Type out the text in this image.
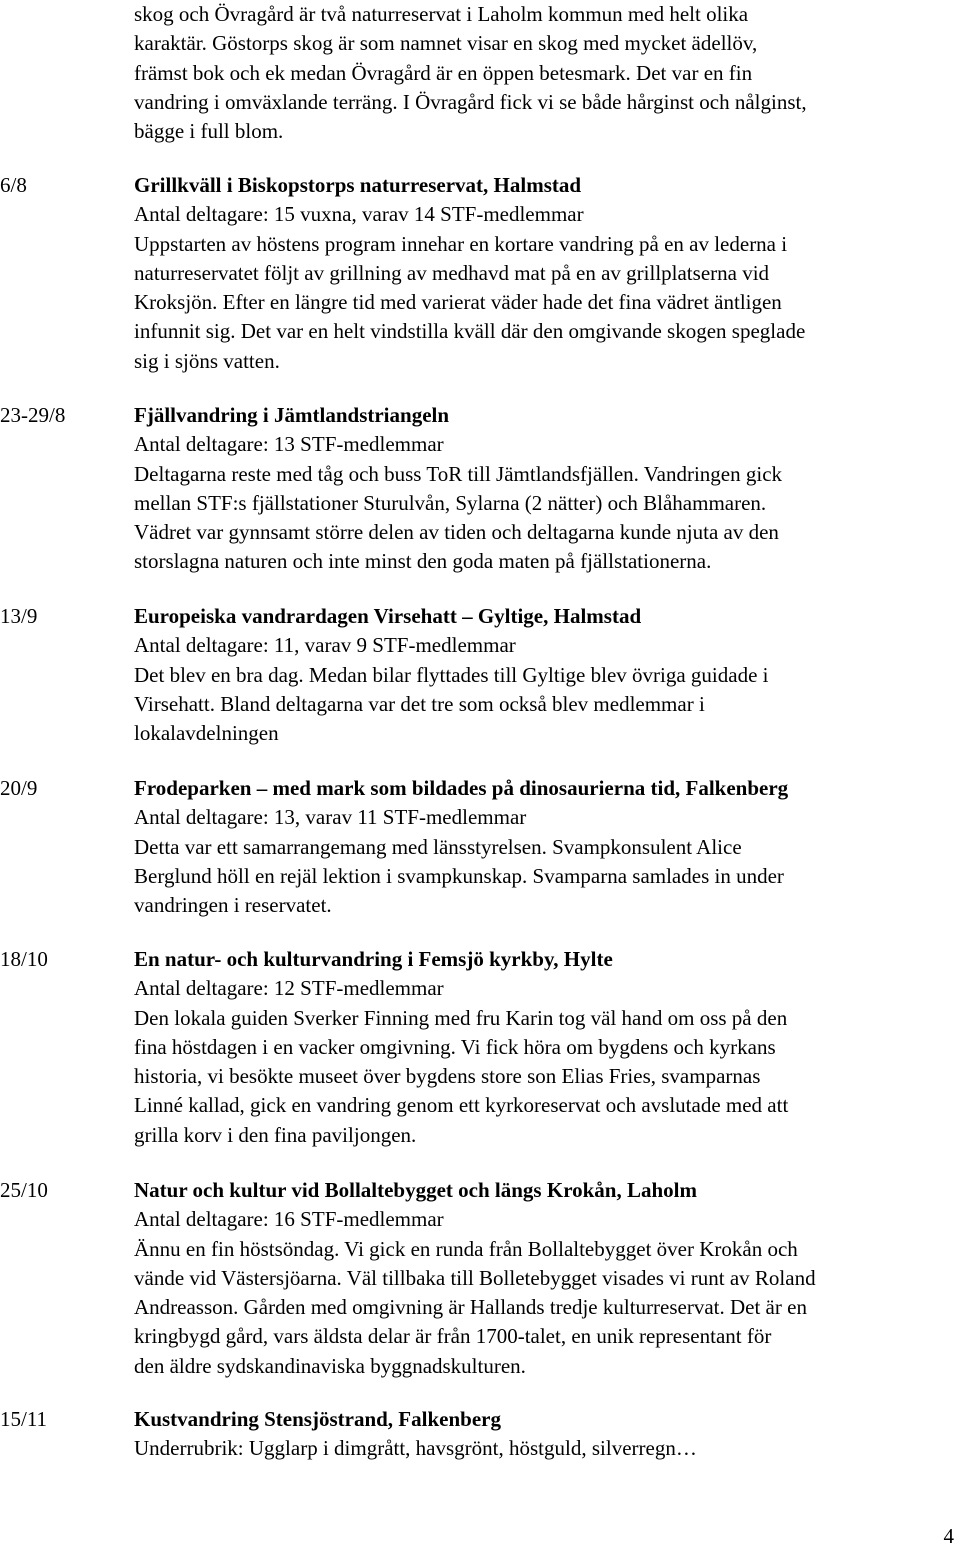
skog och Övragård är två naturreservat i Laholm kommun med helt olika
karaktär. Göstorps skog är som namnet visar en skog med mycket ädellöv,
främst bok och ek medan Övragård är en öppen betesmark. Det var en fin
vandring i omväxlande terräng. I Övragård fick vi se både hårginst och nålginst,
bägge i full blom.
6/8	Grillkväll i Biskopstorps naturreservat, Halmstad
Antal deltagare: 15 vuxna, varav 14 STF-medlemmar
Uppstarten av höstens program innehar en kortare vandring på en av lederna i
naturreservatet följt av grillning av medhavd mat på en av grillplatserna vid
Kroksjön. Efter en längre tid med varierat väder hade det fina vädret äntligen
infunnit sig. Det var en helt vindstilla kväll där den omgivande skogen speglade
sig i sjöns vatten.
23-29/8	Fjällvandring i Jämtlandstriangeln
Antal deltagare: 13 STF-medlemmar
Deltagarna reste med tåg och buss ToR till Jämtlandsfjällen. Vandringen gick
mellan STF:s fjällstationer Sturulvån, Sylarna (2 nätter) och Blåhammaren.
Vädret var gynnsamt större delen av tiden och deltagarna kunde njuta av den
storslagna naturen och inte minst den goda maten på fjällstationerna.
13/9	Europeiska vandrardagen Virsehatt – Gyltige, Halmstad
Antal deltagare: 11, varav 9 STF-medlemmar
Det blev en bra dag. Medan bilar flyttades till Gyltige blev övriga guidade i
Virsehatt. Bland deltagarna var det tre som också blev medlemmar i
lokalavdelningen
20/9	Frodeparken – med mark som bildades på dinosaurierna tid, Falkenberg
Antal deltagare: 13, varav 11 STF-medlemmar
Detta var ett samarrangemang med länsstyrelsen. Svampkonsulent Alice
Berglund höll en rejäl lektion i svampkunskap. Svamparna samlades in under
vandringen i reservatet.
18/10	En natur- och kulturvandring i Femsjö kyrkby, Hylte
Antal deltagare: 12 STF-medlemmar
Den lokala guiden Sverker Finning med fru Karin tog väl hand om oss på den
fina höstdagen i en vacker omgivning. Vi fick höra om bygdens och kyrkans
historia, vi besökte museet över bygdens store son Elias Fries, svamparnas
Linné kallad, gick en vandring genom ett kyrkoreservat och avslutade med att
grilla korv i den fina paviljongen.
25/10	Natur och kultur vid Bollaltebygget och längs Krokån, Laholm
Antal deltagare: 16 STF-medlemmar
Ännu en fin höstsöndag. Vi gick en runda från Bollaltebygget över Krokån och
vände vid Västersjöarna. Väl tillbaka till Bolletebygget visades vi runt av Roland
Andreasson. Gården med omgivning är Hallands tredje kulturreservat. Det är en
kringbygd gård, vars äldsta delar är från 1700-talet, en unik representant för
den äldre sydskandinaviska byggnadskulturen.
15/11	Kustvandring Stensjöstrand, Falkenberg
Underrubrik: Ugglarp i dimgrått, havsgrönt, höstguld, silverregn…
4
